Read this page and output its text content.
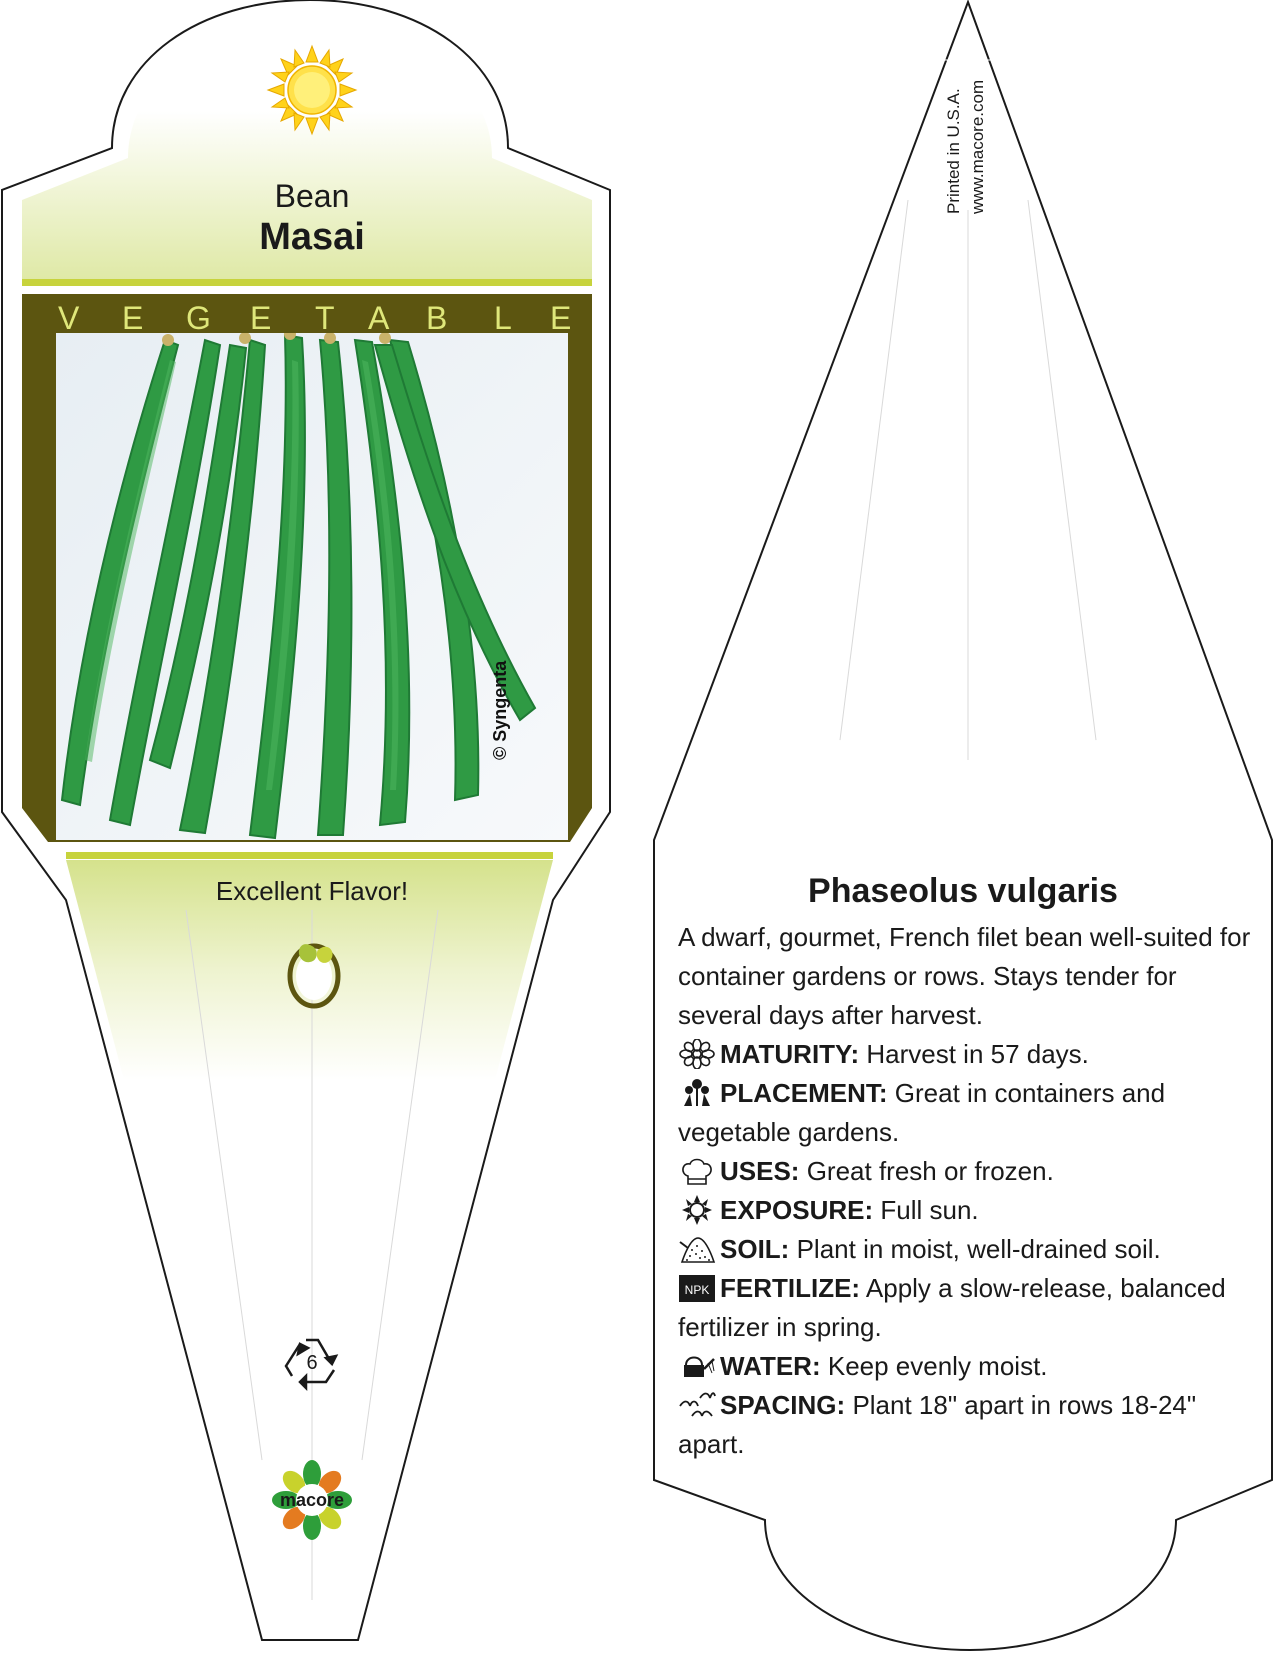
Bean
Masai
V E G E T A B L E
© Syngenta
Excellent Flavor!
6
macore
Printed in U.S.A. www.macore.com
Phaseolus vulgaris

A dwarf, gourmet, French filet bean well-suited for container gardens or rows. Stays tender for several days after harvest.

MATURITY: Harvest in 57 days.

PLACEMENT: Great in containers and vegetable gardens.

USES: Great fresh or frozen.

EXPOSURE: Full sun.

SOIL: Plant in moist, well-drained soil.

NPK FERTILIZE: Apply a slow-release, balanced fertilizer in spring.

WATER: Keep evenly moist.

SPACING: Plant 18" apart in rows 18-24" apart.
